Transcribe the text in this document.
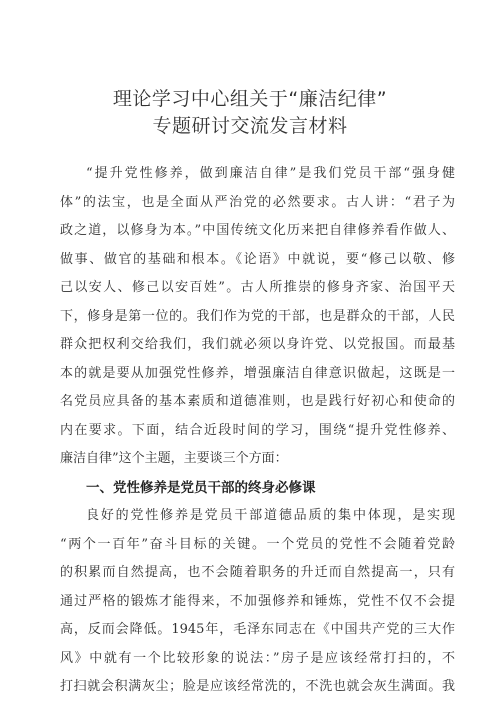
理论学习中心组关于“廉洁纪律”
专题研讨交流发言材料
“提升党性修养，做到廉洁自律”是我们党员干部“强身健
体”的法宝，也是全面从严治党的必然要求。古人讲：“君子为
政之道，以修身为本。”中国传统文化历来把自律修养看作做人、
做事、做官的基础和根本。《论语》中就说，要“修己以敬、修
己以安人、修己以安百姓”。古人所推崇的修身齐家、治国平天
下，修身是第一位的。我们作为党的干部，也是群众的干部，人民
群众把权利交给我们，我们就必须以身许党、以党报国。而最基
本的就是要从加强党性修养，增强廉洁自律意识做起，这既是一
名党员应具备的基本素质和道德准则，也是践行好初心和使命的
内在要求。下面，结合近段时间的学习，围绕“提升党性修养、
廉洁自律”这个主题，主要谈三个方面：
一、党性修养是党员干部的终身必修课
良好的党性修养是党员干部道德品质的集中体现，是实现
“两个一百年”奋斗目标的关键。一个党员的党性不会随着党龄
的积累而自然提高，也不会随着职务的升迁而自然提高一，只有
通过严格的锻炼才能得来，不加强修养和锤炼，党性不仅不会提
高，反而会降低。1945年，毛泽东同志在《中国共产党的三大作
风》中就有一个比较形象的说法：”房子是应该经常打扫的，不
打扫就会积满灰尘；脸是应该经常洗的，不洗也就会灰生满面。我
